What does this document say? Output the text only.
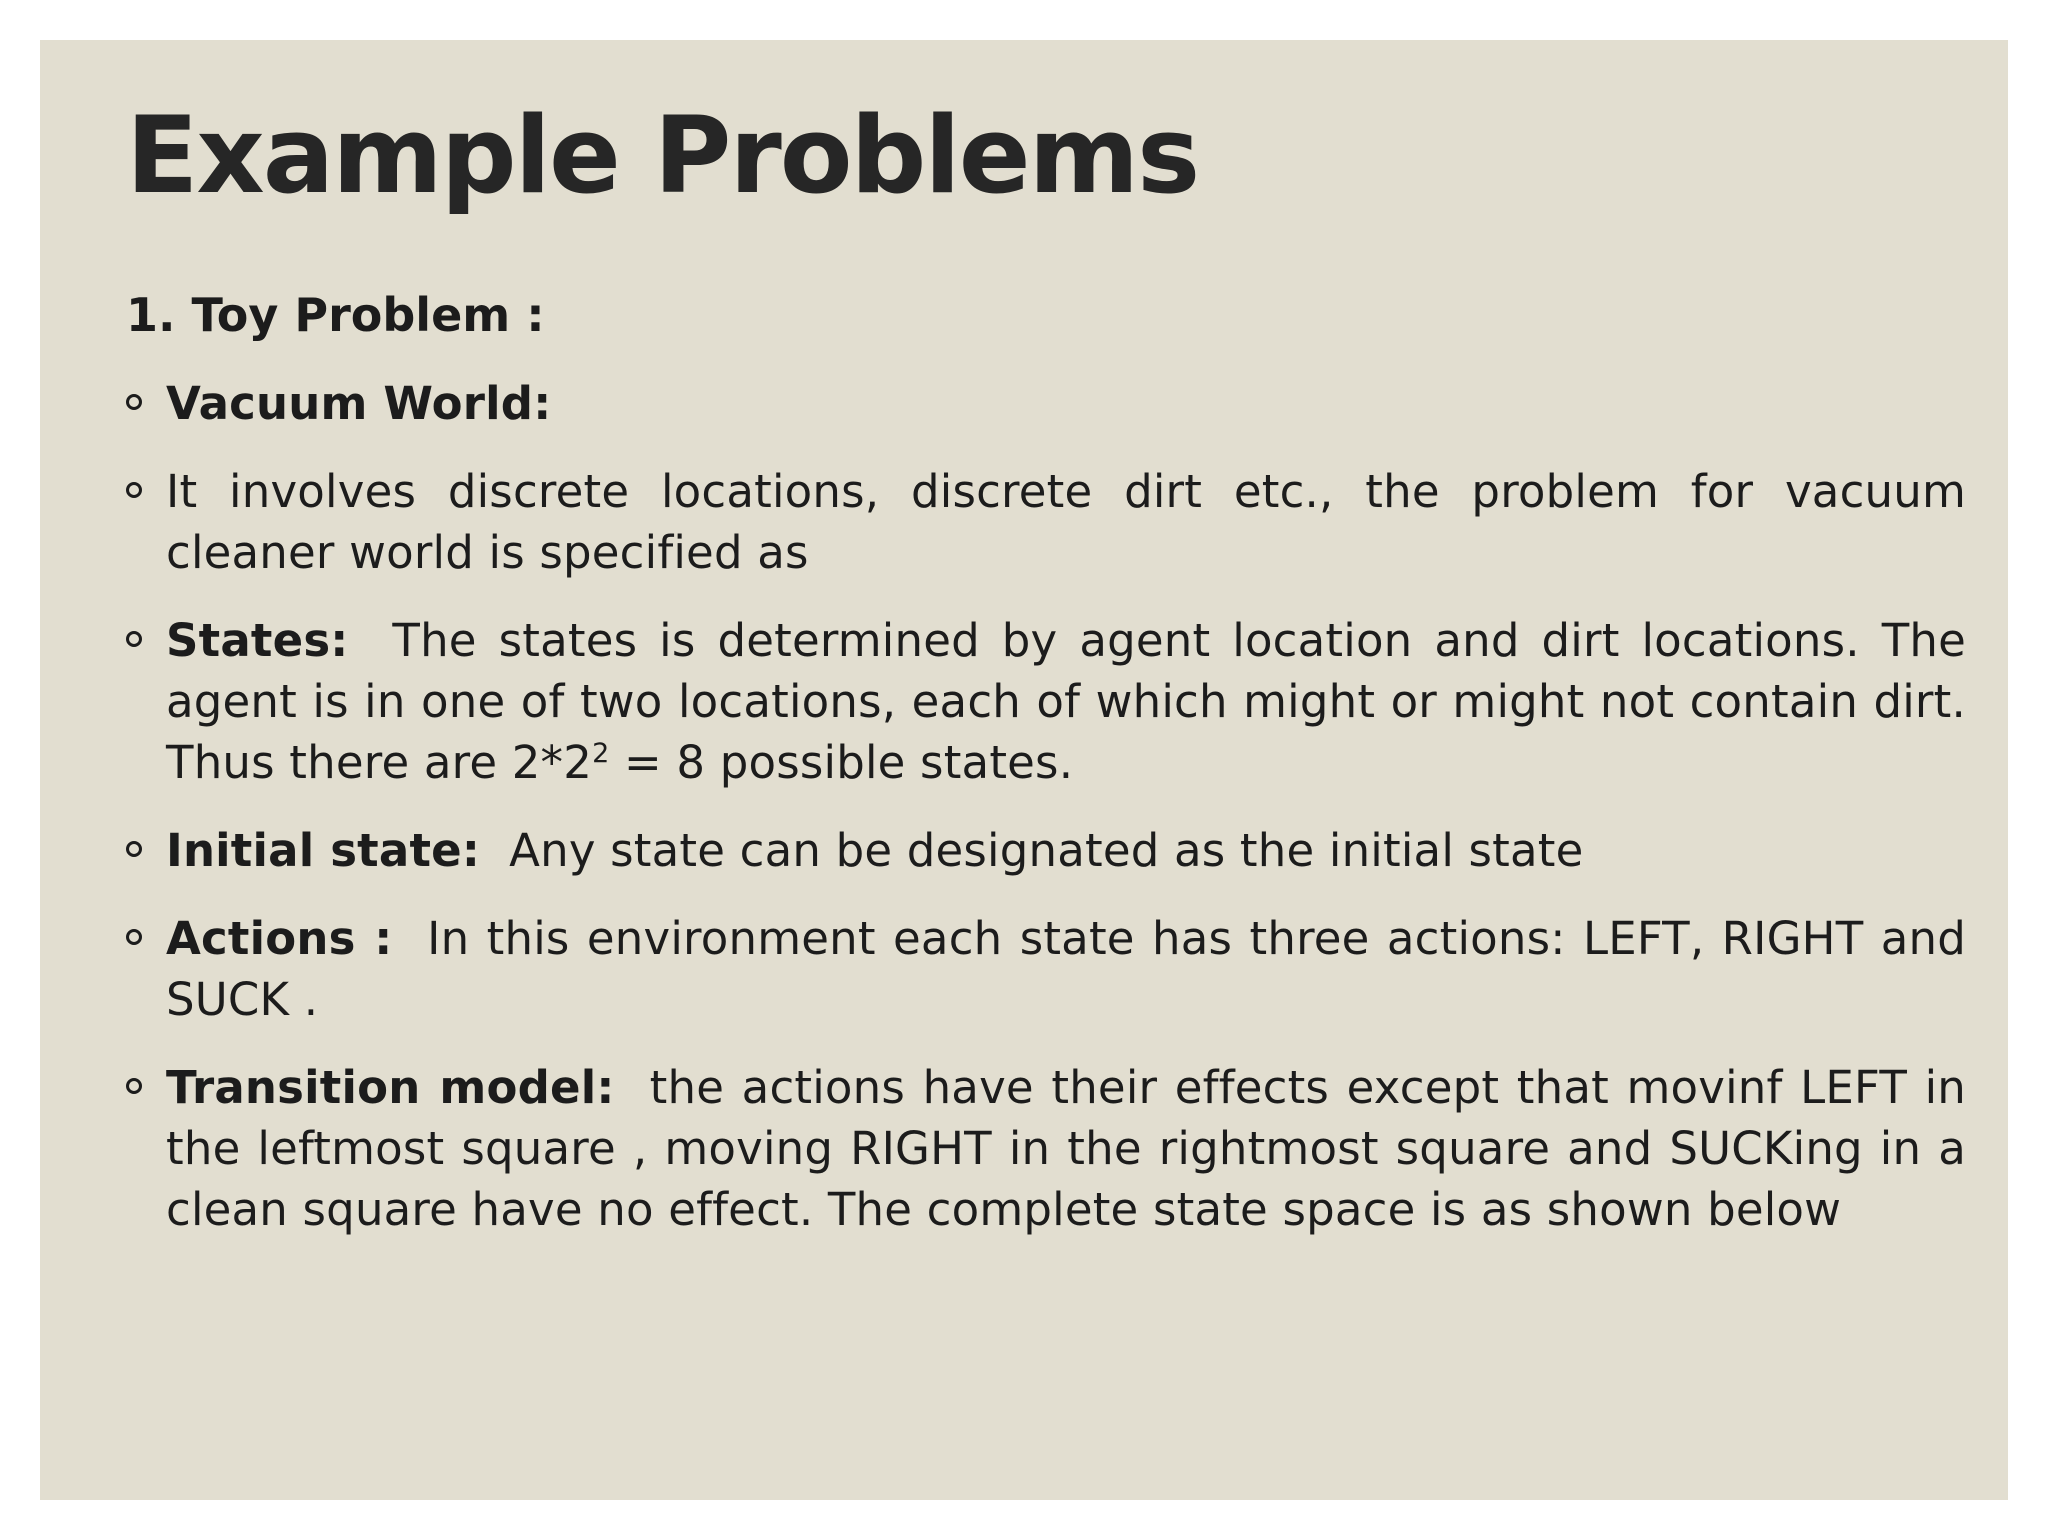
Example Problems
1. Toy Problem :
Vacuum World:
It involves discrete locations, discrete dirt etc., the problem for vacuum cleaner world is specified as
States: The states is determined by agent location and dirt locations. The agent is in one of two locations, each of which might or might not contain dirt. Thus there are $2*2^2 = 8$ possible states.
Initial state: Any state can be designated as the initial state
Actions : In this environment each state has three actions: LEFT, RIGHT and SUCK .
Transition model: the actions have their effects except that movinf LEFT in the leftmost square , moving RIGHT in the rightmost square and SUCKing in a clean square have no effect. The complete state space is as shown below
